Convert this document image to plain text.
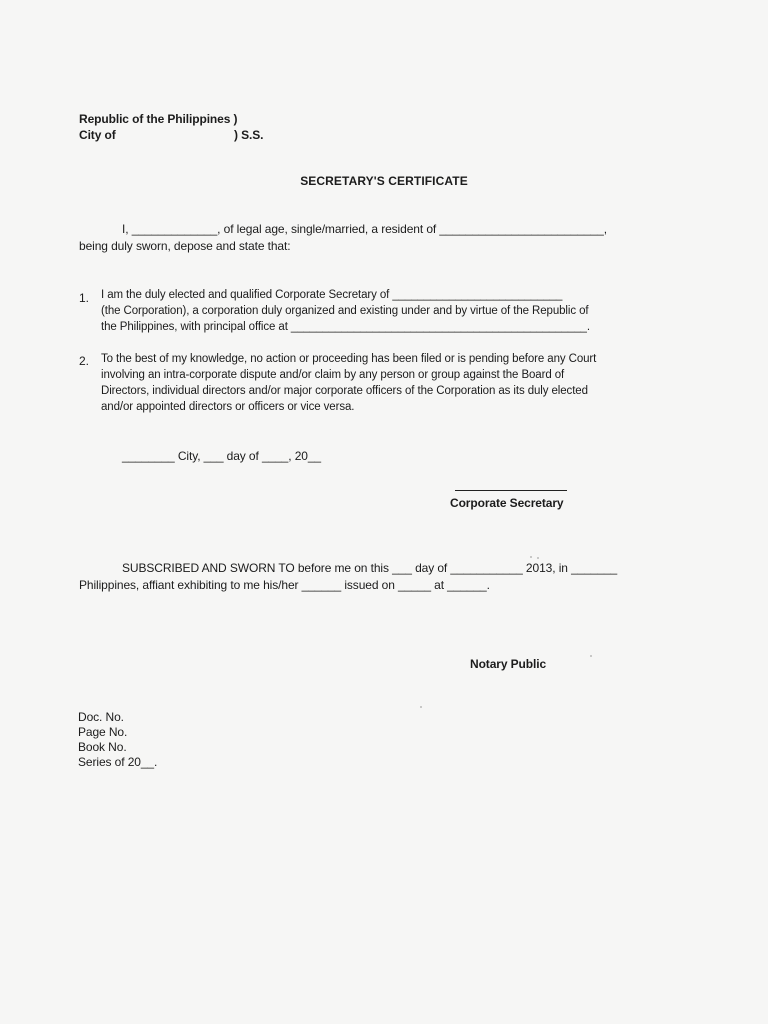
Republic of the Philippines )
City of	) S.S.
SECRETARY'S CERTIFICATE
I, _____________, of legal age, single/married, a resident of _________________________,
being duly sworn, depose and state that:
1. I am the duly elected and qualified Corporate Secretary of ___________________________
(the Corporation), a corporation duly organized and existing under and by virtue of the Republic of
the Philippines, with principal office at _______________________________________________.
2. To the best of my knowledge, no action or proceeding has been filed or is pending before any Court
involving an intra-corporate dispute and/or claim by any person or group against the Board of
Directors, individual directors and/or major corporate officers of the Corporation as its duly elected
and/or appointed directors or officers or vice versa.
________ City, ___ day of ____, 20__
Corporate Secretary
SUBSCRIBED AND SWORN TO before me on this ___ day of ___________ 2013, in _______
Philippines, affiant exhibiting to me his/her ______ issued on _____ at ______.
Notary Public
Doc. No.
Page No.
Book No.
Series of 20__.
